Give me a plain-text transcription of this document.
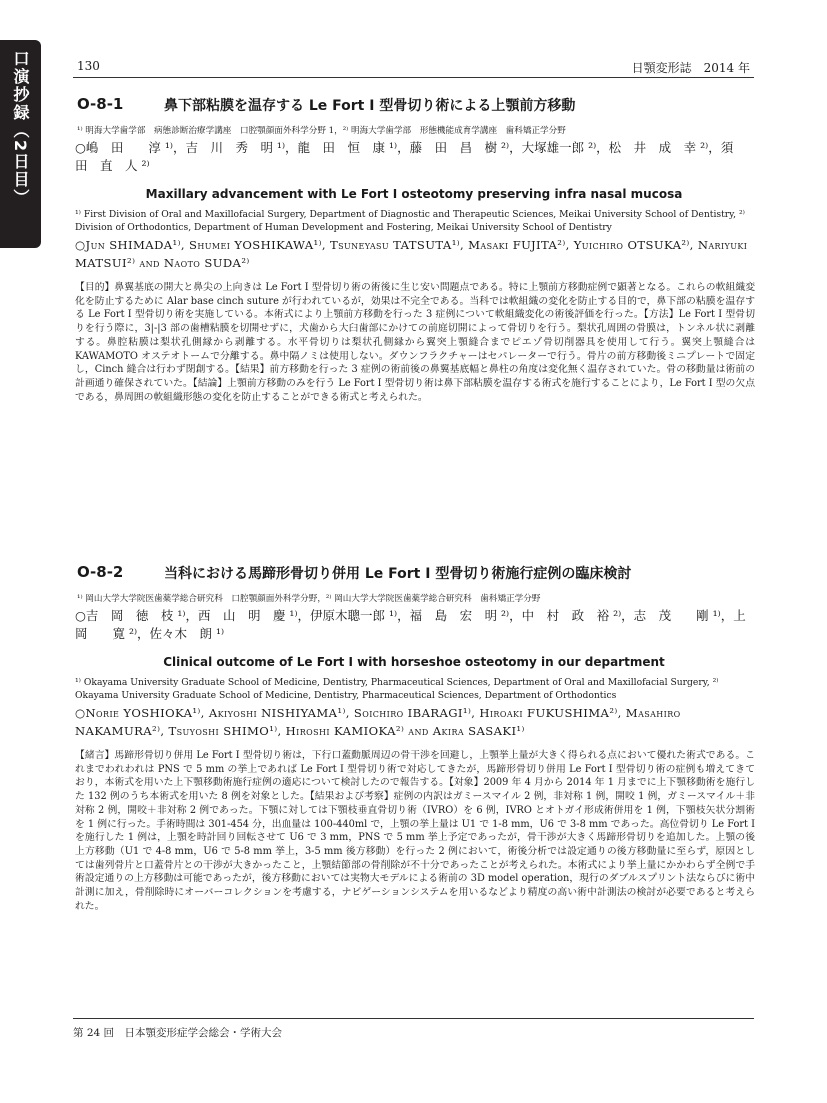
口演抄録（2日目）	130	日顎変形誌　2014 年
O-8-1	鼻下部粘膜を温存する Le Fort I 型骨切り術による上顎前方移動
¹⁾ 明海大学歯学部　病態診断治療学講座　口腔顎顔面外科学分野 1，²⁾ 明海大学歯学部　形態機能成育学講座　歯科矯正学分野
○嶋　田　　淳 ¹⁾，吉　川　秀　明 ¹⁾，龍　田　恒　康 ¹⁾，藤　田　昌　樹 ²⁾，大塚雄一郎 ²⁾，松　井　成　幸 ²⁾，須　田　直　人 ²⁾
Maxillary advancement with Le Fort I osteotomy preserving infra nasal mucosa
¹⁾ First Division of Oral and Maxillofacial Surgery, Department of Diagnostic and Therapeutic Sciences, Meikai University School of Dentistry, ²⁾ Division of Orthodontics, Department of Human Development and Fostering, Meikai University School of Dentistry
○Jun SHIMADA¹⁾, Shumei YOSHIKAWA¹⁾, Tsuneyasu TATSUTA¹⁾, Masaki FUJITA²⁾, Yuichiro OTSUKA²⁾, Nariyuki MATSUI²⁾ and Naoto SUDA²⁾
【目的】鼻翼基底の開大と鼻尖の上向きは Le Fort I 型骨切り術の術後に生じ安い問題点である。特に上顎前方移動症例で顕著となる。これらの軟組織変化を防止するために Alar base cinch suture が行われているが，効果は不完全である。当科では軟組織の変化を防止する目的で，鼻下部の粘膜を温存する Le Fort I 型骨切り術を実施している。本術式により上顎前方移動を行った 3 症例について軟組織変化の術後評価を行った。【方法】Le Fort I 型骨切りを行う際に，3|-|3 部の歯槽粘膜を切開せずに，犬歯から大臼歯部にかけての前庭切開によって骨切りを行う。梨状孔周囲の骨膜は，トンネル状に剥離する。鼻腔粘膜は梨状孔側縁から剥離する。水平骨切りは梨状孔側縁から翼突上顎縫合までピエゾ骨切削器具を使用して行う。翼突上顎縫合は KAWAMOTO オステオトームで分離する。鼻中隔ノミは使用しない。ダウンフラクチャーはセパレーターで行う。骨片の前方移動後ミニプレートで固定し，Cinch 縫合は行わず閉創する。【結果】前方移動を行った 3 症例の術前後の鼻翼基底幅と鼻柱の角度は変化無く温存されていた。骨の移動量は術前の計画通り確保されていた。【結論】上顎前方移動のみを行う Le Fort I 型骨切り術は鼻下部粘膜を温存する術式を施行することにより，Le Fort I 型の欠点である，鼻周囲の軟組織形態の変化を防止することができる術式と考えられた。
O-8-2	当科における馬蹄形骨切り併用 Le Fort I 型骨切り術施行症例の臨床検討
¹⁾ 岡山大学大学院医歯薬学総合研究科　口腔顎顔面外科学分野，²⁾ 岡山大学大学院医歯薬学総合研究科　歯科矯正学分野
○吉　岡　徳　枝 ¹⁾，西　山　明　慶 ¹⁾，伊原木聰一郎 ¹⁾，福　島　宏　明 ²⁾，中　村　政　裕 ²⁾，志　茂　　剛 ¹⁾，上　岡　　寛 ²⁾，佐々木　朗 ¹⁾
Clinical outcome of Le Fort Ⅰ with horseshoe osteotomy in our department
¹⁾ Okayama University Graduate School of Medicine, Dentistry, Pharmaceutical Sciences, Department of Oral and Maxillofacial Surgery, ²⁾ Okayama University Graduate School of Medicine, Dentistry, Pharmaceutical Sciences, Department of Orthodontics
○Norie YOSHIOKA¹⁾, Akiyoshi NISHIYAMA¹⁾, Soichiro IBARAGI¹⁾, Hiroaki FUKUSHIMA²⁾, Masahiro NAKAMURA²⁾, Tsuyoshi SHIMO¹⁾, Hiroshi KAMIOKA²⁾ and Akira SASAKI¹⁾
【緒言】馬蹄形骨切り併用 Le Fort I 型骨切り術は，下行口蓋動脈周辺の骨干渉を回避し，上顎挙上量が大きく得られる点において優れた術式である。これまでわれわれは PNS で 5 mm の挙上であれば Le Fort I 型骨切り術で対応してきたが，馬蹄形骨切り併用 Le Fort I 型骨切り術の症例も増えてきており，本術式を用いた上下顎移動術施行症例の適応について検討したので報告する。【対象】2009 年 4 月から 2014 年 1 月までに上下顎移動術を施行した 132 例のうち本術式を用いた 8 例を対象とした。【結果および考察】症例の内訳はガミースマイル 2 例，非対称 1 例，開咬 1 例，ガミースマイル＋非対称 2 例，開咬＋非対称 2 例であった。下顎に対しては下顎枝垂直骨切り術（IVRO）を 6 例，IVRO とオトガイ形成術併用を 1 例，下顎枝矢状分割術を 1 例に行った。手術時間は 301-454 分，出血量は 100-440ml で，上顎の挙上量は U1 で 1-8 mm，U6 で 3-8 mm であった。高位骨切り Le Fort I を施行した 1 例は，上顎を時計回り回転させて U6 で 3 mm，PNS で 5 mm 挙上予定であったが，骨干渉が大きく馬蹄形骨切りを追加した。上顎の後上方移動（U1 で 4-8 mm，U6 で 5-8 mm 挙上，3-5 mm 後方移動）を行った 2 例において，術後分析では設定通りの後方移動量に至らず，原因としては歯列骨片と口蓋骨片との干渉が大きかったこと，上顎結節部の骨削除が不十分であったことが考えられた。本術式により挙上量にかかわらず全例で手術設定通りの上方移動は可能であったが，後方移動においては実物大モデルによる術前の 3D model operation，現行のダブルスプリント法ならびに術中計測に加え，骨削除時にオーバーコレクションを考慮する，ナビゲーションシステムを用いるなどより精度の高い術中計測法の検討が必要であると考えられた。
第 24 回　日本顎変形症学会総会・学術大会
